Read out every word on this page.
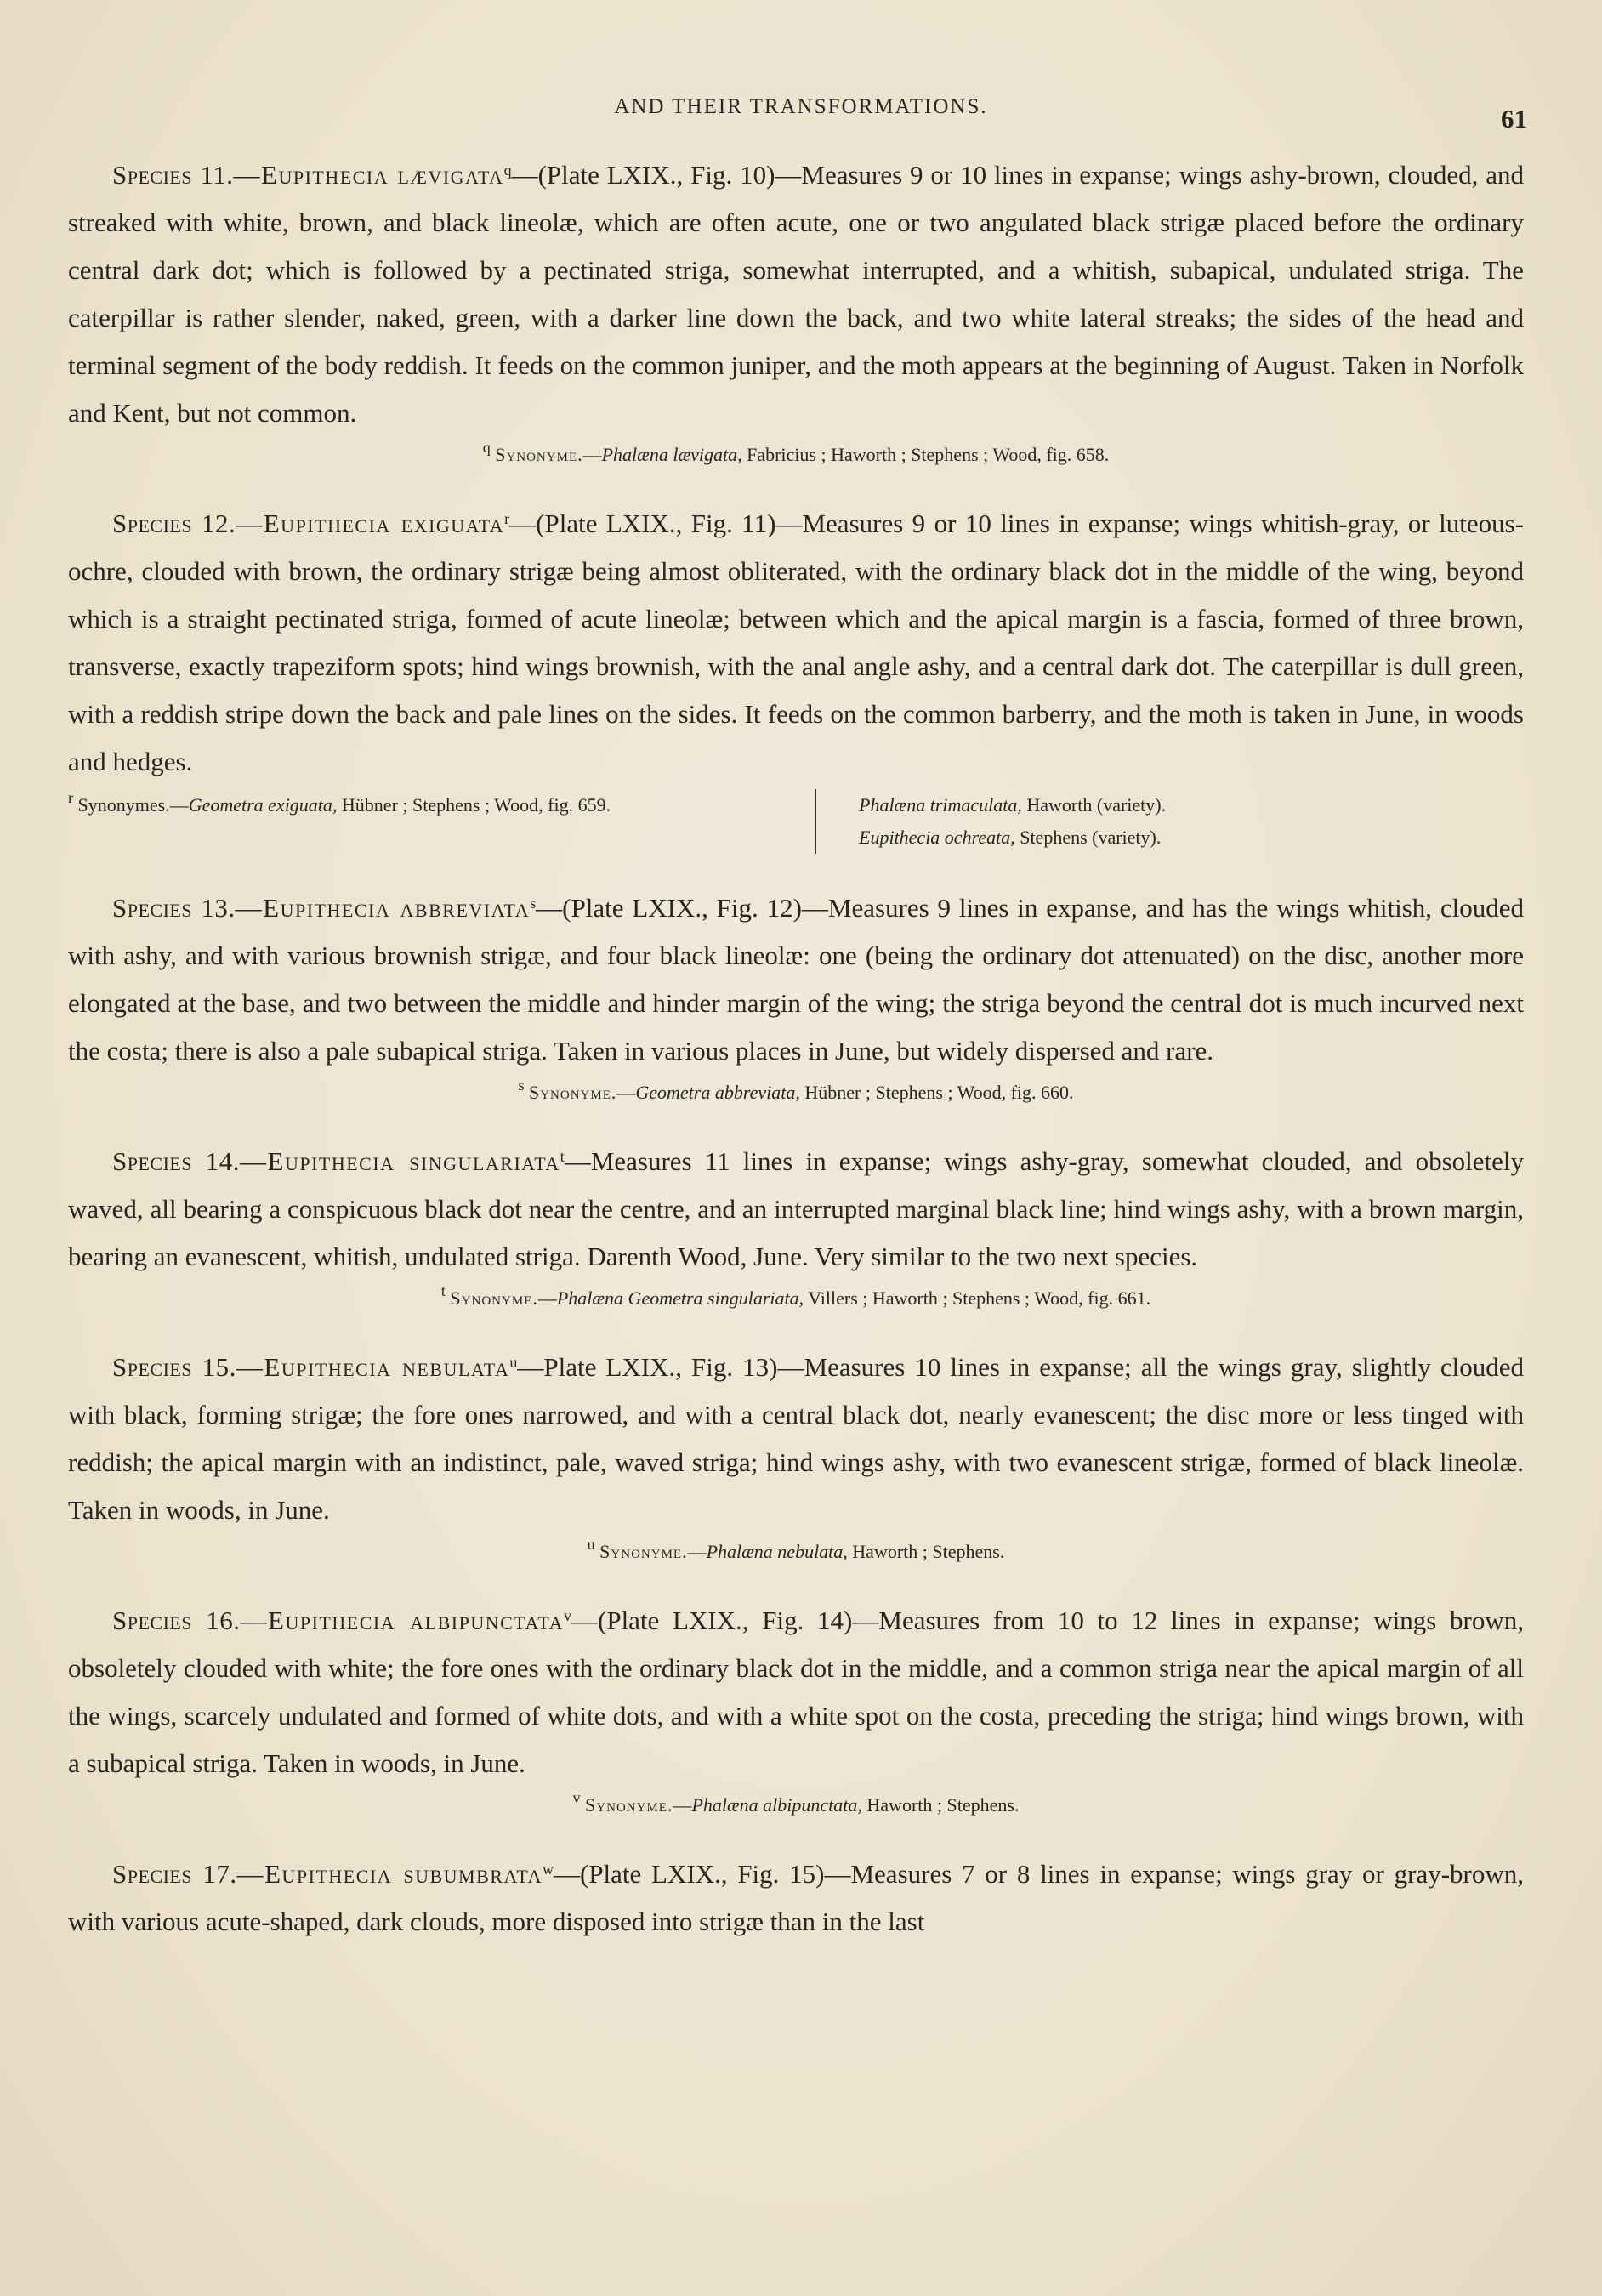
AND THEIR TRANSFORMATIONS.	61

Species 11.—Eupithecia lævigata$^q$—(Plate LXIX., Fig. 10)—Measures 9 or 10 lines in expanse; wings ashy-brown, clouded, and streaked with white, brown, and black lineolæ, which are often acute, one or two angulated black strigæ placed before the ordinary central dark dot; which is followed by a pectinated striga, somewhat interrupted, and a whitish, subapical, undulated striga. The caterpillar is rather slender, naked, green, with a darker line down the back, and two white lateral streaks; the sides of the head and terminal segment of the body reddish. It feeds on the common juniper, and the moth appears at the beginning of August. Taken in Norfolk and Kent, but not common.

$^q$ Synonyme.—Phalæna lævigata, Fabricius ; Haworth ; Stephens ; Wood, fig. 658.

Species 12.—Eupithecia exiguata$^r$—(Plate LXIX., Fig. 11)—Measures 9 or 10 lines in expanse; wings whitish-gray, or luteous-ochre, clouded with brown, the ordinary strigæ being almost obliterated, with the ordinary black dot in the middle of the wing, beyond which is a straight pectinated striga, formed of acute lineolæ; between which and the apical margin is a fascia, formed of three brown, transverse, exactly trapeziform spots; hind wings brownish, with the anal angle ashy, and a central dark dot. The caterpillar is dull green, with a reddish stripe down the back and pale lines on the sides. It feeds on the common barberry, and the moth is taken in June, in woods and hedges.

$^r$ Synonymes.—Geometra exiguata, Hübner ; Stephens ; Wood, fig. 659.	Phalæna trimaculata, Haworth (variety).
Eupithecia ochreata, Stephens (variety).

Species 13.—Eupithecia abbreviata$^s$—(Plate LXIX., Fig. 12)—Measures 9 lines in expanse, and has the wings whitish, clouded with ashy, and with various brownish strigæ, and four black lineolæ: one (being the ordinary dot attenuated) on the disc, another more elongated at the base, and two between the middle and hinder margin of the wing; the striga beyond the central dot is much incurved next the costa; there is also a pale subapical striga. Taken in various places in June, but widely dispersed and rare.

$^s$ Synonyme.—Geometra abbreviata, Hübner ; Stephens ; Wood, fig. 660.

Species 14.—Eupithecia singulariata$^t$—Measures 11 lines in expanse; wings ashy-gray, somewhat clouded, and obsoletely waved, all bearing a conspicuous black dot near the centre, and an interrupted marginal black line; hind wings ashy, with a brown margin, bearing an evanescent, whitish, undulated striga. Darenth Wood, June. Very similar to the two next species.

$^t$ Synonyme.—Phalæna Geometra singulariata, Villers ; Haworth ; Stephens ; Wood, fig. 661.

Species 15.—Eupithecia nebulata$^u$—Plate LXIX., Fig. 13)—Measures 10 lines in expanse; all the wings gray, slightly clouded with black, forming strigæ; the fore ones narrowed, and with a central black dot, nearly evanescent; the disc more or less tinged with reddish; the apical margin with an indistinct, pale, waved striga; hind wings ashy, with two evanescent strigæ, formed of black lineolæ. Taken in woods, in June.

$^u$ Synonyme.—Phalæna nebulata, Haworth ; Stephens.

Species 16.—Eupithecia albipunctata$^v$—(Plate LXIX., Fig. 14)—Measures from 10 to 12 lines in expanse; wings brown, obsoletely clouded with white; the fore ones with the ordinary black dot in the middle, and a common striga near the apical margin of all the wings, scarcely undulated and formed of white dots, and with a white spot on the costa, preceding the striga; hind wings brown, with a subapical striga. Taken in woods, in June.

$^v$ Synonyme.—Phalæna albipunctata, Haworth ; Stephens.

Species 17.—Eupithecia subumbrata$^w$—(Plate LXIX., Fig. 15)—Measures 7 or 8 lines in expanse; wings gray or gray-brown, with various acute-shaped, dark clouds, more disposed into strigæ than in the last
